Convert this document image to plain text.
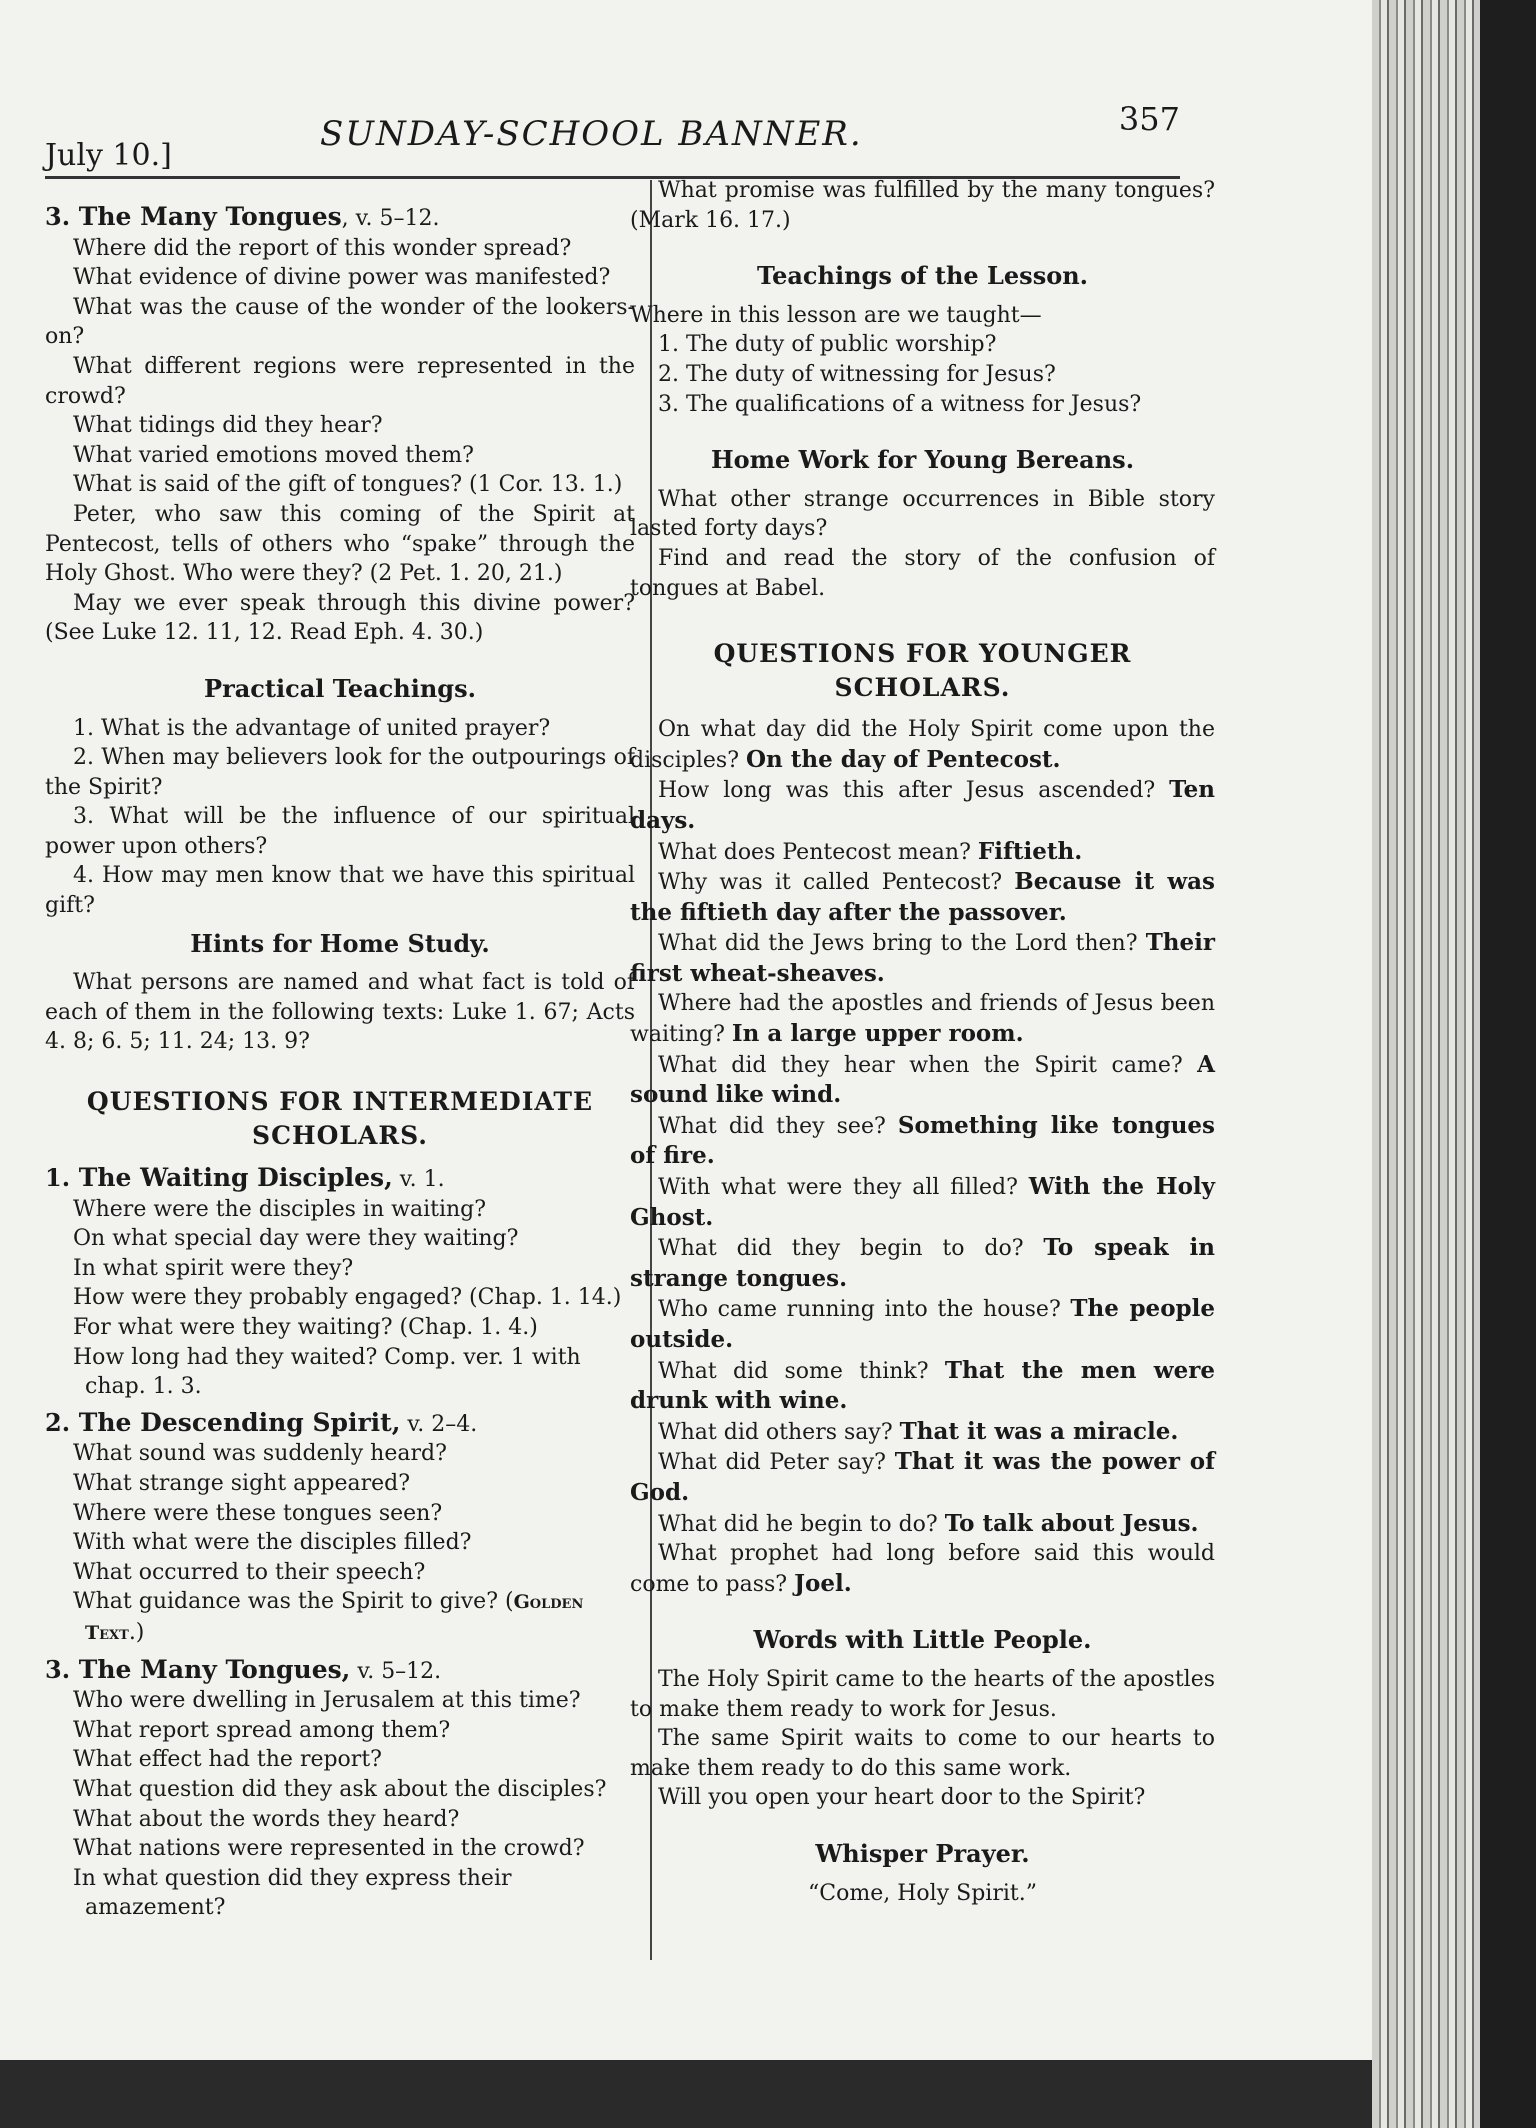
July 10.]
SUNDAY-SCHOOL BANNER.	357

3. The Many Tongues, v. 5–12.

Where did the report of this wonder spread?

What evidence of divine power was manifested?

What was the cause of the wonder of the lookers-on?

What different regions were represented in the crowd?

What tidings did they hear?

What varied emotions moved them?

What is said of the gift of tongues? (1 Cor. 13. 1.)

Peter, who saw this coming of the Spirit at Pentecost, tells of others who “spake” through the Holy Ghost. Who were they? (2 Pet. 1. 20, 21.)

May we ever speak through this divine power? (See Luke 12. 11, 12. Read Eph. 4. 30.)

Practical Teachings.

1. What is the advantage of united prayer?

2. When may believers look for the outpourings of the Spirit?

3. What will be the influence of our spiritual power upon others?

4. How may men know that we have this spiritual gift?

Hints for Home Study.

What persons are named and what fact is told of each of them in the following texts: Luke 1. 67; Acts 4. 8; 6. 5; 11. 24; 13. 9?

QUESTIONS FOR INTERMEDIATE SCHOLARS.

1. The Waiting Disciples, v. 1.

Where were the disciples in waiting?

On what special day were they waiting?

In what spirit were they?

How were they probably engaged? (Chap. 1. 14.)

For what were they waiting? (Chap. 1. 4.)

How long had they waited? Comp. ver. 1 with chap. 1. 3.

2. The Descending Spirit, v. 2–4.

What sound was suddenly heard?

What strange sight appeared?

Where were these tongues seen?

With what were the disciples filled?

What occurred to their speech?

What guidance was the Spirit to give? (Golden Text.)

3. The Many Tongues, v. 5–12.

Who were dwelling in Jerusalem at this time?

What report spread among them?

What effect had the report?

What question did they ask about the disciples?

What about the words they heard?

What nations were represented in the crowd?

In what question did they express their amazement?

What promise was fulfilled by the many tongues? (Mark 16. 17.)

Teachings of the Lesson.

Where in this lesson are we taught—

1. The duty of public worship?

2. The duty of witnessing for Jesus?

3. The qualifications of a witness for Jesus?

Home Work for Young Bereans.

What other strange occurrences in Bible story lasted forty days?

Find and read the story of the confusion of tongues at Babel.

QUESTIONS FOR YOUNGER SCHOLARS.

On what day did the Holy Spirit come upon the disciples? On the day of Pentecost.

How long was this after Jesus ascended? Ten days.

What does Pentecost mean? Fiftieth.

Why was it called Pentecost? Because it was the fiftieth day after the passover.

What did the Jews bring to the Lord then? Their first wheat-sheaves.

Where had the apostles and friends of Jesus been waiting? In a large upper room.

What did they hear when the Spirit came? A sound like wind.

What did they see? Something like tongues of fire.

With what were they all filled? With the Holy Ghost.

What did they begin to do? To speak in strange tongues.

Who came running into the house? The people outside.

What did some think? That the men were drunk with wine.

What did others say? That it was a miracle.

What did Peter say? That it was the power of God.

What did he begin to do? To talk about Jesus.

What prophet had long before said this would come to pass? Joel.

Words with Little People.

The Holy Spirit came to the hearts of the apostles to make them ready to work for Jesus.

The same Spirit waits to come to our hearts to make them ready to do this same work.

Will you open your heart door to the Spirit?

Whisper Prayer.

“Come, Holy Spirit.”
